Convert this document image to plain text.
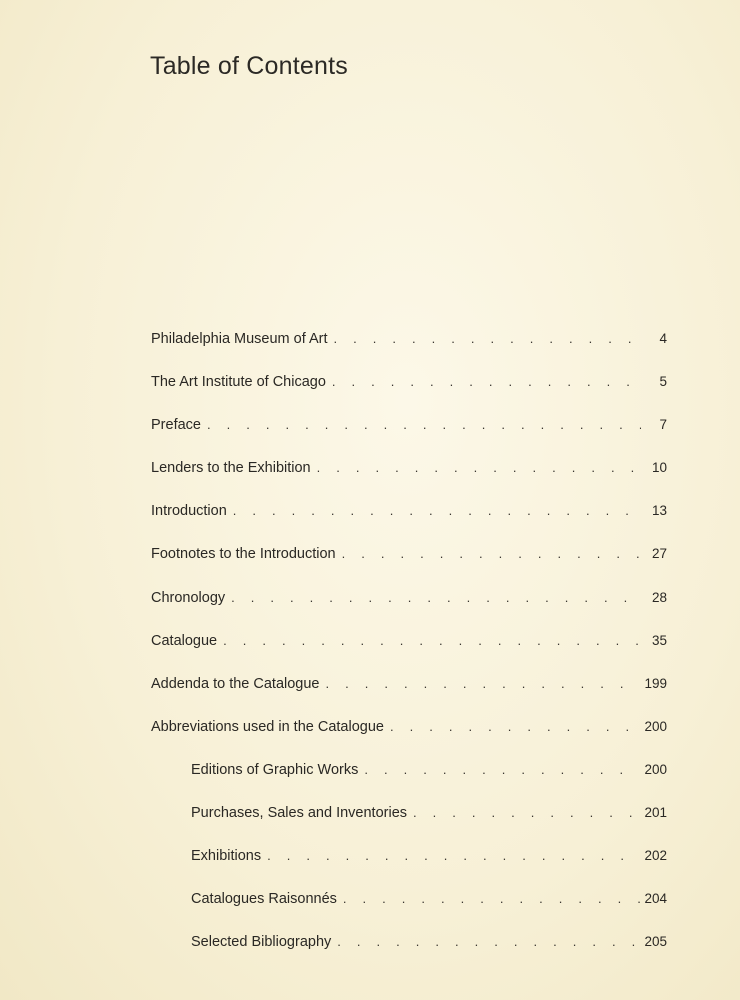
Table of Contents
Philadelphia Museum of Art . . .	4
The Art Institute of Chicago . . .	5
Preface . . .	7
Lenders to the Exhibition . . .	10
Introduction . . .	13
Footnotes to the Introduction . . .	27
Chronology . . .	28
Catalogue . . .	35
Addenda to the Catalogue . . .	199
Abbreviations used in the Catalogue . . .	200
Editions of Graphic Works . . .	200
Purchases, Sales and Inventories . . .	201
Exhibitions . . .	202
Catalogues Raisonnés . . .	204
Selected Bibliography . . .	205
